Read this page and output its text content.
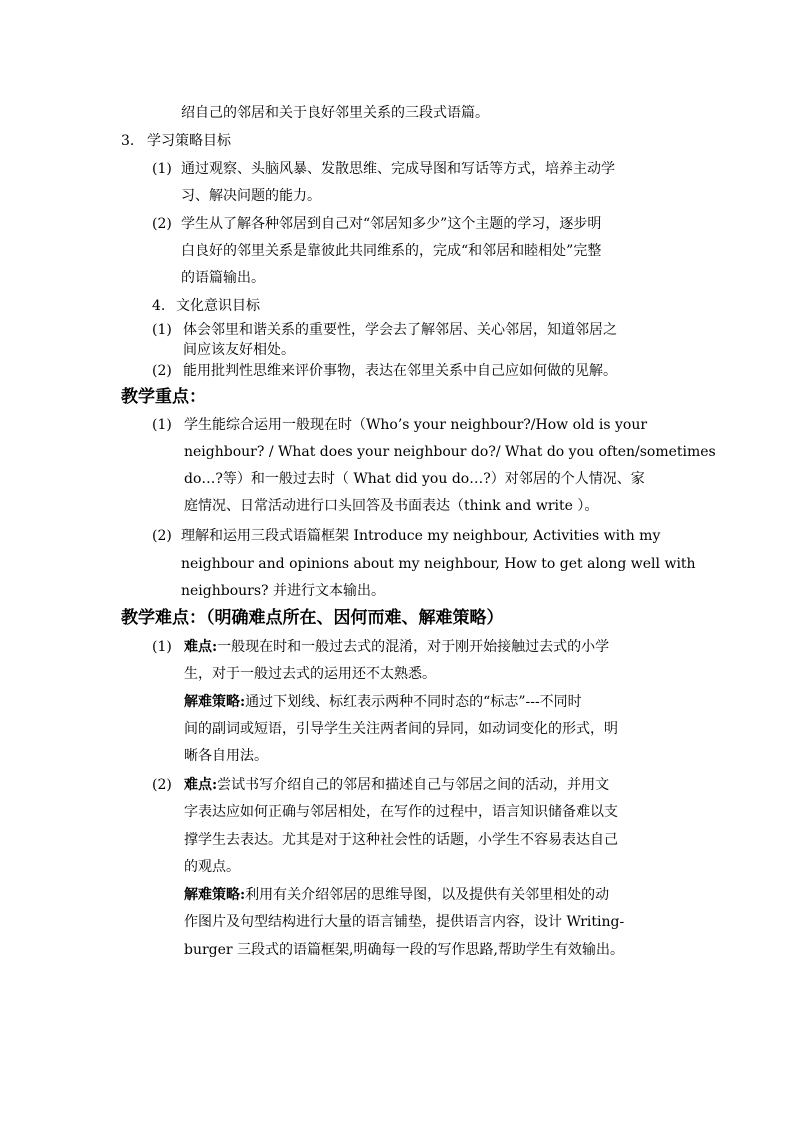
绍自己的邻居和关于良好邻里关系的三段式语篇。
3. 学习策略目标
(1) 通过观察、头脑风暴、发散思维、完成导图和写话等方式，培养主动学
习、解决问题的能力。
(2) 学生从了解各种邻居到自己对“邻居知多少”这个主题的学习，逐步明
白良好的邻里关系是靠彼此共同维系的，完成“和邻居和睦相处”完整
的语篇输出。
4. 文化意识目标
(1) 体会邻里和谐关系的重要性，学会去了解邻居、关心邻居，知道邻居之
间应该友好相处。
(2) 能用批判性思维来评价事物，表达在邻里关系中自己应如何做的见解。
教学重点：
(1) 学生能综合运用一般现在时（Who’s your neighbour?/How old is your
neighbour? / What does your neighbour do?/ What do you often/sometimes
do…?等）和一般过去时（ What did you do…?）对邻居的个人情况、家
庭情况、日常活动进行口头回答及书面表达（think and write ）。
(2) 理解和运用三段式语篇框架 Introduce my neighbour, Activities with my
neighbour and opinions about my neighbour, How to get along well with
neighbours? 并进行文本输出。
教学难点：（明确难点所在、因何而难、解难策略）
(1) 难点:一般现在时和一般过去式的混淆，对于刚开始接触过去式的小学
生，对于一般过去式的运用还不太熟悉。
解难策略:通过下划线、标红表示两种不同时态的“标志”---不同时
间的副词或短语，引导学生关注两者间的异同，如动词变化的形式，明
晰各自用法。
(2) 难点:尝试书写介绍自己的邻居和描述自己与邻居之间的活动，并用文
字表达应如何正确与邻居相处，在写作的过程中，语言知识储备难以支
撑学生去表达。尤其是对于这种社会性的话题，小学生不容易表达自己
的观点。
解难策略:利用有关介绍邻居的思维导图，以及提供有关邻里相处的动
作图片及句型结构进行大量的语言铺垫，提供语言内容，设计 Writing-
burger 三段式的语篇框架,明确每一段的写作思路,帮助学生有效输出。
